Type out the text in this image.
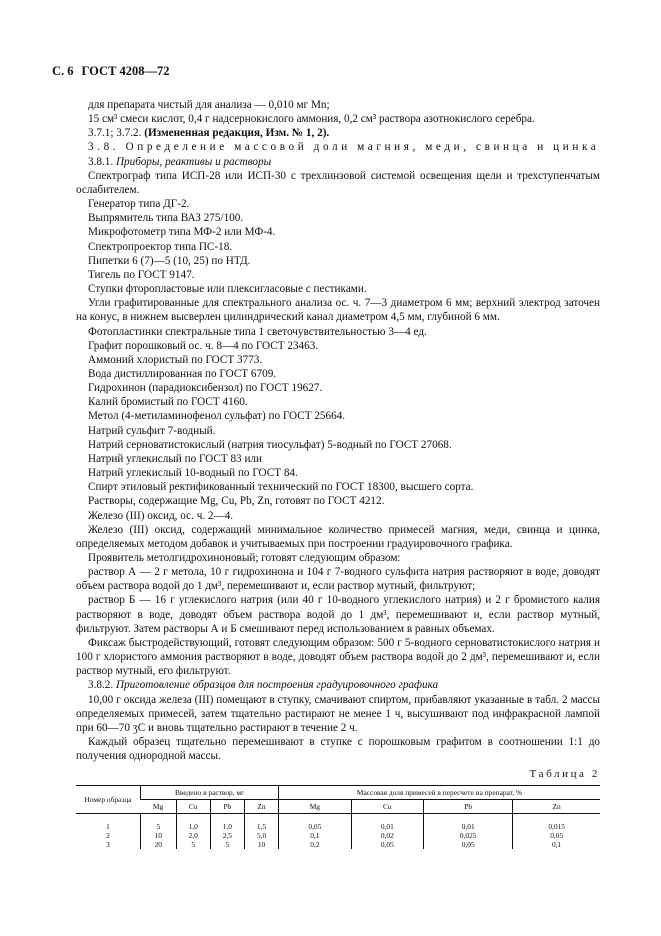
С. 6 ГОСТ 4208—72

для препарата чистый для анализа — 0,010 мг Mn;

15 см³ смеси кислот, 0,4 г надсернокислого аммония, 0,2 см³ раствора азотнокислого серебра.

3.7.1; 3.7.2. (Измененная редакция, Изм. № 1, 2).

3.8. Определение массовой доли магния, меди, свинца и цинка

3.8.1. Приборы, реактивы и растворы

Спектрограф типа ИСП-28 или ИСП-30 с трехлинзовой системой освещения щели и трехступенчатым ослабителем.

Генератор типа ДГ-2.

Выпрямитель типа ВАЗ 275/100.

Микрофотометр типа МФ-2 или МФ-4.

Спектропроектор типа ПС-18.

Пипетки 6 (7)—5 (10, 25) по НТД.

Тигель по ГОСТ 9147.

Ступки фторопластовые или плексигласовые с пестиками.

Угли графитированные для спектрального анализа ос. ч. 7—3 диаметром 6 мм; верхний электрод заточен на конус, в нижнем высверлен цилиндрический канал диаметром 4,5 мм, глубиной 6 мм.

Фотопластинки спектральные типа 1 светочувствительностью 3—4 ед.

Графит порошковый ос. ч. 8—4 по ГОСТ 23463.

Аммоний хлористый по ГОСТ 3773.

Вода дистиллированная по ГОСТ 6709.

Гидрохинон (парадиоксибензол) по ГОСТ 19627.

Калий бромистый по ГОСТ 4160.

Метол (4-метиламинофенол сульфат) по ГОСТ 25664.

Натрий сульфит 7-водный.

Натрий серноватистокислый (натрия тиосульфат) 5-водный по ГОСТ 27068.

Натрий углекислый по ГОСТ 83 или

Натрий углекислый 10-водный по ГОСТ 84.

Спирт этиловый ректификованный технический по ГОСТ 18300, высшего сорта.

Растворы, содержащие Mg, Cu, Pb, Zn, готовят по ГОСТ 4212.

Железо (III) оксид, ос. ч. 2—4.

Железо (III) оксид, содержащий минимальное количество примесей магния, меди, свинца и цинка, определяемых методом добавок и учитываемых при построении градуировочного графика.

Проявитель метолгидрохиноновый; готовят следующим образом:

раствор А — 2 г метола, 10 г гидрохинона и 104 г 7-водного сульфита натрия растворяют в воде, доводят объем раствора водой до 1 дм³, перемешивают и, если раствор мутный, фильтруют;

раствор Б — 16 г углекислого натрия (или 40 г 10-водного углекислого натрия) и 2 г бромистого калия растворяют в воде, доводят объем раствора водой до 1 дм³, перемешивают и, если раствор мутный, фильтруют. Затем растворы А и Б смешивают перед использованием в равных объемах.

Фиксаж быстродействующий, готовят следующим образом: 500 г 5-водного серноватистокислого натрия и 100 г хлористого аммония растворяют в воде, доводят объем раствора водой до 2 дм³, перемешивают и, если раствор мутный, его фильтруют.

3.8.2. Приготовление образцов для построения градуировочного графика

10,00 г оксида железа (III) помещают в ступку, смачивают спиртом, прибавляют указанные в табл. 2 массы определяемых примесей, затем тщательно растирают не менее 1 ч, высушивают под инфракрасной лампой при 60—70 ʒC и вновь тщательно растирают в течение 2 ч.

Каждый образец тщательно перемешивают в ступке с порошковым графитом в соотношении 1:1 до получения однородной массы.

Таблица 2
Номер образца	Введено в раствор, мг				Массовая доля примесей в пересчете на препарат, %			
	Mg	Cu	Pb	Zn	Mg	Cu	Pb	Zn

1	5	1,0	1,0	1,5	0,05	0,01	0,01	0,015
2	10	2,0	2,5	5,0	0,1	0,02	0,025	0,05
3	20	5	5	10	0,2	0,05	0,05	0,1
